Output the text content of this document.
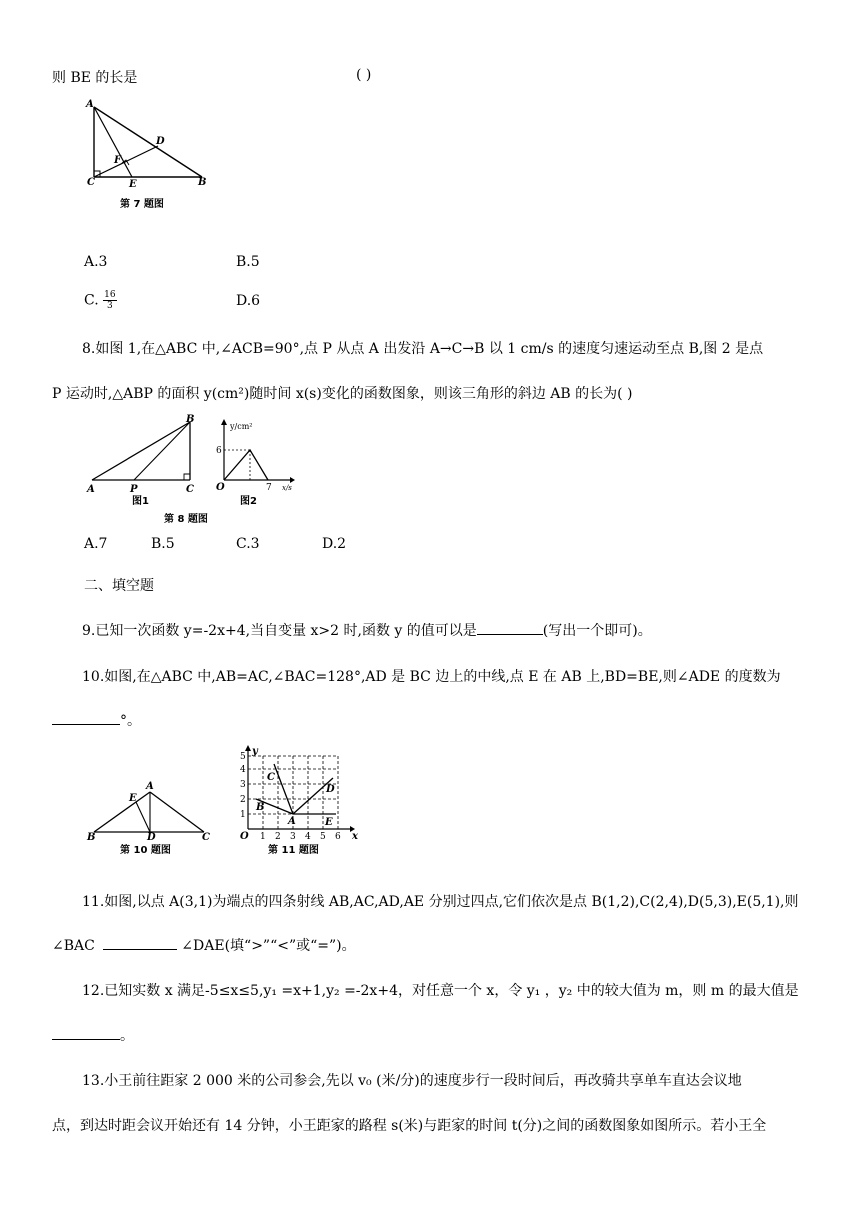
则 BE 的长是	( )
A
C	E	B
D
F
第 7 题图
A.3	B.5
C. $\frac{16}{3}$	D.6
8.如图 1,在△ABC 中,∠ACB=90°,点 P 从点 A 出发沿 A→C→B 以 1 cm/s 的速度匀速运动至点 B,图 2 是点
P 运动时,△ABP 的面积 y(cm²)随时间 x(s)变化的函数图象，则该三角形的斜边 AB 的长为( )
A	P	C
B
图1
y/cm²
x/s
6
7
O
图2
第 8 题图
A.7	B.5	C.3	D.2
二、填空题
9.已知一次函数 y=-2x+4,当自变量 x>2 时,函数 y 的值可以是	(写出一个即可)。
10.如图,在△ABC 中,AB=AC,∠BAC=128°,AD 是 BC 边上的中线,点 E 在 AB 上,BD=BE,则∠ADE 的度数为
°。
A
E
B	D	C
第 10 题图
y
x
O 1 2 3 4 5 6
1
2
3
4
5
A
B
C
D
E
第 11 题图
11.如图,以点 A(3,1)为端点的四条射线 AB,AC,AD,AE 分别过四点,它们依次是点 B(1,2),C(2,4),D(5,3),E(5,1),则
∠BAC	∠DAE(填“>”“<”或“=”)。
12.已知实数 x 满足-5≤x≤5,y₁ =x+1,y₂ =-2x+4，对任意一个 x，令 y₁ ，y₂ 中的较大值为 m，则 m 的最大值是
。
13.小王前往距家 2 000 米的公司参会,先以 v₀ (米/分)的速度步行一段时间后，再改骑共享单车直达会议地
点，到达时距会议开始还有 14 分钟，小王距家的路程 s(米)与距家的时间 t(分)之间的函数图象如图所示。若小王全
